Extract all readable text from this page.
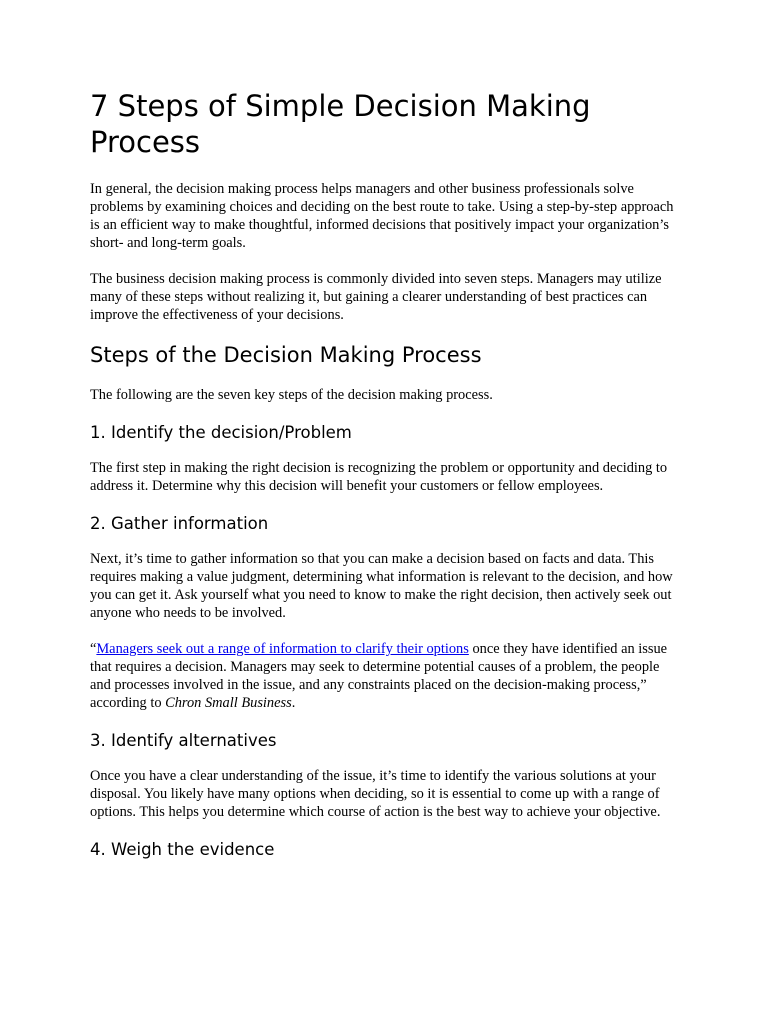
7 Steps of Simple Decision Making Process

In general, the decision making process helps managers and other business professionals solve problems by examining choices and deciding on the best route to take. Using a step-by-step approach is an efficient way to make thoughtful, informed decisions that positively impact your organization’s short- and long-term goals.

The business decision making process is commonly divided into seven steps. Managers may utilize many of these steps without realizing it, but gaining a clearer understanding of best practices can improve the effectiveness of your decisions.

Steps of the Decision Making Process

The following are the seven key steps of the decision making process.

1. Identify the decision/Problem

The first step in making the right decision is recognizing the problem or opportunity and deciding to address it. Determine why this decision will benefit your customers or fellow employees.

2. Gather information

Next, it’s time to gather information so that you can make a decision based on facts and data. This requires making a value judgment, determining what information is relevant to the decision, and how you can get it. Ask yourself what you need to know to make the right decision, then actively seek out anyone who needs to be involved.

“Managers seek out a range of information to clarify their options once they have identified an issue that requires a decision. Managers may seek to determine potential causes of a problem, the people and processes involved in the issue, and any constraints placed on the decision-making process,” according to Chron Small Business.

3. Identify alternatives

Once you have a clear understanding of the issue, it’s time to identify the various solutions at your disposal. You likely have many options when deciding, so it is essential to come up with a range of options. This helps you determine which course of action is the best way to achieve your objective.

4. Weigh the evidence
